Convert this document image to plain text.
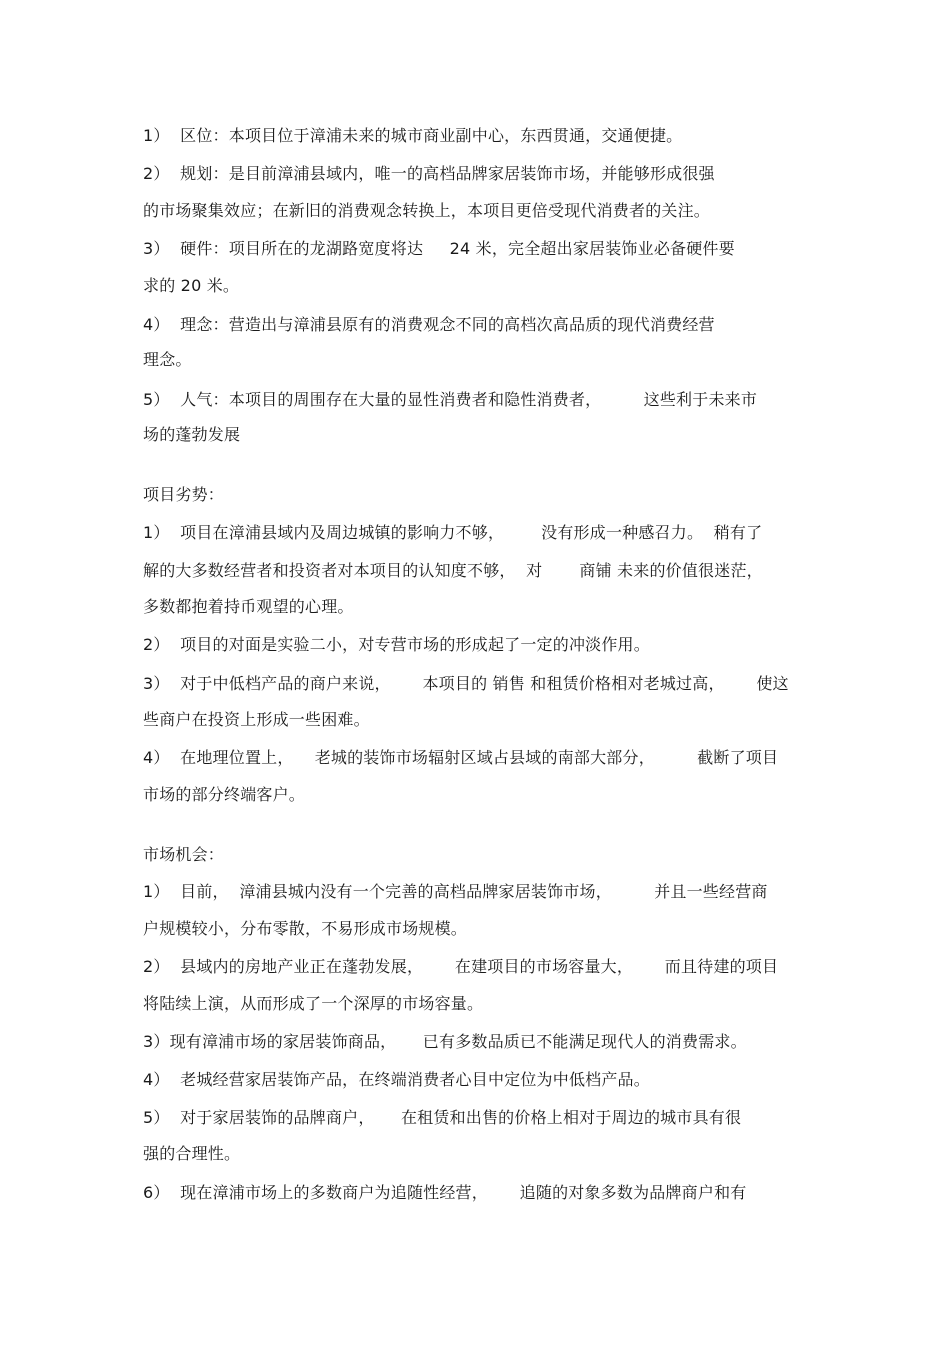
1）  区位：本项目位于漳浦未来的城市商业副中心，东西贯通，交通便捷。
2）  规划：是目前漳浦县域内，唯一的高档品牌家居装饰市场，并能够形成很强
的市场聚集效应；在新旧的消费观念转换上，本项目更倍受现代消费者的关注。
3）  硬件：项目所在的龙湖路宽度将达     24 米，完全超出家居装饰业必备硬件要
求的 20 米。
4）  理念：营造出与漳浦县原有的消费观念不同的高档次高品质的现代消费经营
理念。
5）  人气：本项目的周围存在大量的显性消费者和隐性消费者，        这些利于未来市
场的蓬勃发展
项目劣势：
1）  项目在漳浦县域内及周边城镇的影响力不够，       没有形成一种感召力。  稍有了
解的大多数经营者和投资者对本项目的认知度不够，  对       商铺 未来的价值很迷茫，
多数都抱着持币观望的心理。
2）  项目的对面是实验二小，对专营市场的形成起了一定的冲淡作用。
3）  对于中低档产品的商户来说，      本项目的 销售 和租赁价格相对老城过高，      使这
些商户在投资上形成一些困难。
4）  在地理位置上，    老城的装饰市场辐射区域占县域的南部大部分，        截断了项目
市场的部分终端客户。
市场机会：
1）  目前，  漳浦县城内没有一个完善的高档品牌家居装饰市场，        并且一些经营商
户规模较小，分布零散，不易形成市场规模。
2）  县域内的房地产业正在蓬勃发展，      在建项目的市场容量大，      而且待建的项目
将陆续上演，从而形成了一个深厚的市场容量。
3）现有漳浦市场的家居装饰商品，     已有多数品质已不能满足现代人的消费需求。
4）  老城经营家居装饰产品，在终端消费者心目中定位为中低档产品。
5）  对于家居装饰的品牌商户，     在租赁和出售的价格上相对于周边的城市具有很
强的合理性。
6）  现在漳浦市场上的多数商户为追随性经营，      追随的对象多数为品牌商户和有
